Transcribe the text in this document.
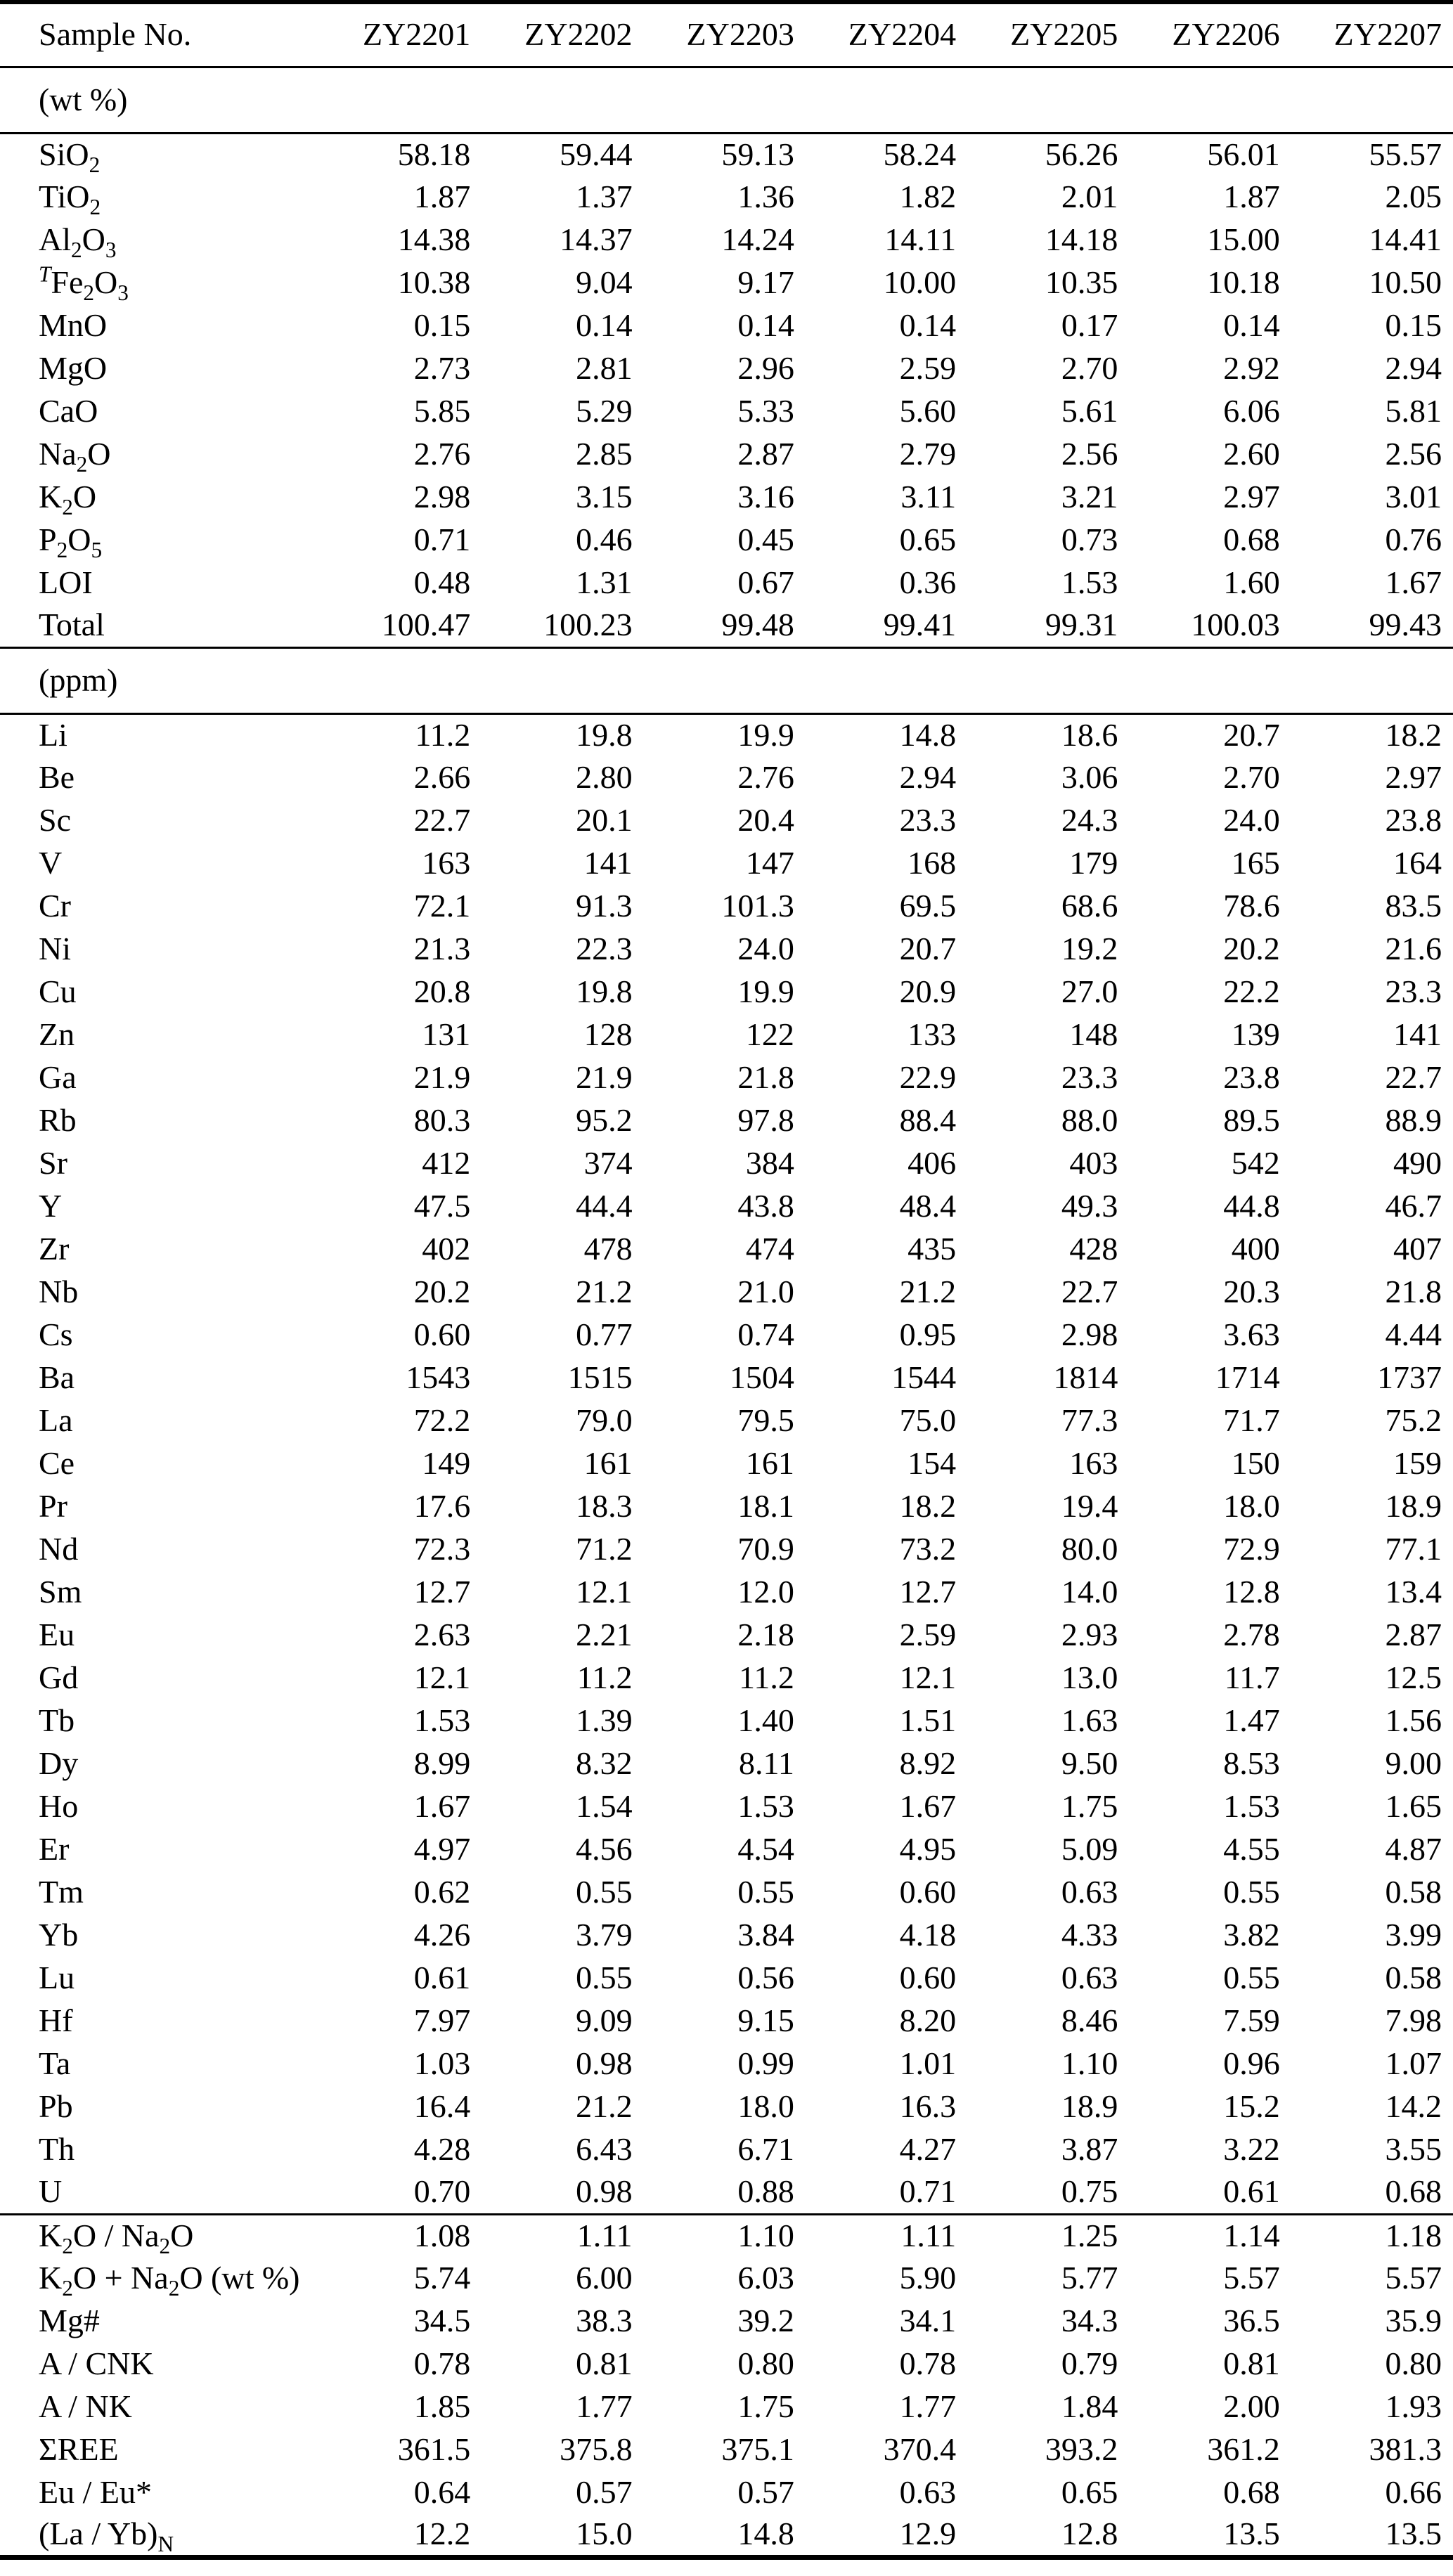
Sample No.	ZY2201	ZY2202	ZY2203	ZY2204	ZY2205	ZY2206	ZY2207
(wt %)							
SiO$_2$	58.18	59.44	59.13	58.24	56.26	56.01	55.57
TiO$_2$	1.87	1.37	1.36	1.82	2.01	1.87	2.05
$Al_2O_3$	14.38	14.37	14.24	14.11	14.18	15.00	14.41
$^TFe_2O_3$	10.38	9.04	9.17	10.00	10.35	10.18	10.50
MnO	0.15	0.14	0.14	0.14	0.17	0.14	0.15
MgO	2.73	2.81	2.96	2.59	2.70	2.92	2.94
CaO	5.85	5.29	5.33	5.60	5.61	6.06	5.81
$Na_2O$	2.76	2.85	2.87	2.79	2.56	2.60	2.56
$K_2O$	2.98	3.15	3.16	3.11	3.21	2.97	3.01
$P_2O_5$	0.71	0.46	0.45	0.65	0.73	0.68	0.76
LOI	0.48	1.31	0.67	0.36	1.53	1.60	1.67
Total	100.47	100.23	99.48	99.41	99.31	100.03	99.43
(ppm)							
Li	11.2	19.8	19.9	14.8	18.6	20.7	18.2
Be	2.66	2.80	2.76	2.94	3.06	2.70	2.97
Sc	22.7	20.1	20.4	23.3	24.3	24.0	23.8
V	163	141	147	168	179	165	164
Cr	72.1	91.3	101.3	69.5	68.6	78.6	83.5
Ni	21.3	22.3	24.0	20.7	19.2	20.2	21.6
Cu	20.8	19.8	19.9	20.9	27.0	22.2	23.3
Zn	131	128	122	133	148	139	141
Ga	21.9	21.9	21.8	22.9	23.3	23.8	22.7
Rb	80.3	95.2	97.8	88.4	88.0	89.5	88.9
Sr	412	374	384	406	403	542	490
Y	47.5	44.4	43.8	48.4	49.3	44.8	46.7
Zr	402	478	474	435	428	400	407
Nb	20.2	21.2	21.0	21.2	22.7	20.3	21.8
Cs	0.60	0.77	0.74	0.95	2.98	3.63	4.44
Ba	1543	1515	1504	1544	1814	1714	1737
La	72.2	79.0	79.5	75.0	77.3	71.7	75.2
Ce	149	161	161	154	163	150	159
Pr	17.6	18.3	18.1	18.2	19.4	18.0	18.9
Nd	72.3	71.2	70.9	73.2	80.0	72.9	77.1
Sm	12.7	12.1	12.0	12.7	14.0	12.8	13.4
Eu	2.63	2.21	2.18	2.59	2.93	2.78	2.87
Gd	12.1	11.2	11.2	12.1	13.0	11.7	12.5
Tb	1.53	1.39	1.40	1.51	1.63	1.47	1.56
Dy	8.99	8.32	8.11	8.92	9.50	8.53	9.00
Ho	1.67	1.54	1.53	1.67	1.75	1.53	1.65
Er	4.97	4.56	4.54	4.95	5.09	4.55	4.87
Tm	0.62	0.55	0.55	0.60	0.63	0.55	0.58
Yb	4.26	3.79	3.84	4.18	4.33	3.82	3.99
Lu	0.61	0.55	0.56	0.60	0.63	0.55	0.58
Hf	7.97	9.09	9.15	8.20	8.46	7.59	7.98
Ta	1.03	0.98	0.99	1.01	1.10	0.96	1.07
Pb	16.4	21.2	18.0	16.3	18.9	15.2	14.2
Th	4.28	6.43	6.71	4.27	3.87	3.22	3.55
U	0.70	0.98	0.88	0.71	0.75	0.61	0.68
$K_2O / Na_2O$	1.08	1.11	1.10	1.11	1.25	1.14	1.18
$K_2O + Na_2O$ (wt %)	5.74	6.00	6.03	5.90	5.77	5.57	5.57
Mg#	34.5	38.3	39.2	34.1	34.3	36.5	35.9
A / CNK	0.78	0.81	0.80	0.78	0.79	0.81	0.80
A / NK	1.85	1.77	1.75	1.77	1.84	2.00	1.93
ΣREE	361.5	375.8	375.1	370.4	393.2	361.2	381.3
Eu / Eu*	0.64	0.57	0.57	0.63	0.65	0.68	0.66
$(La / Yb)_N$	12.2	15.0	14.8	12.9	12.8	13.5	13.5
